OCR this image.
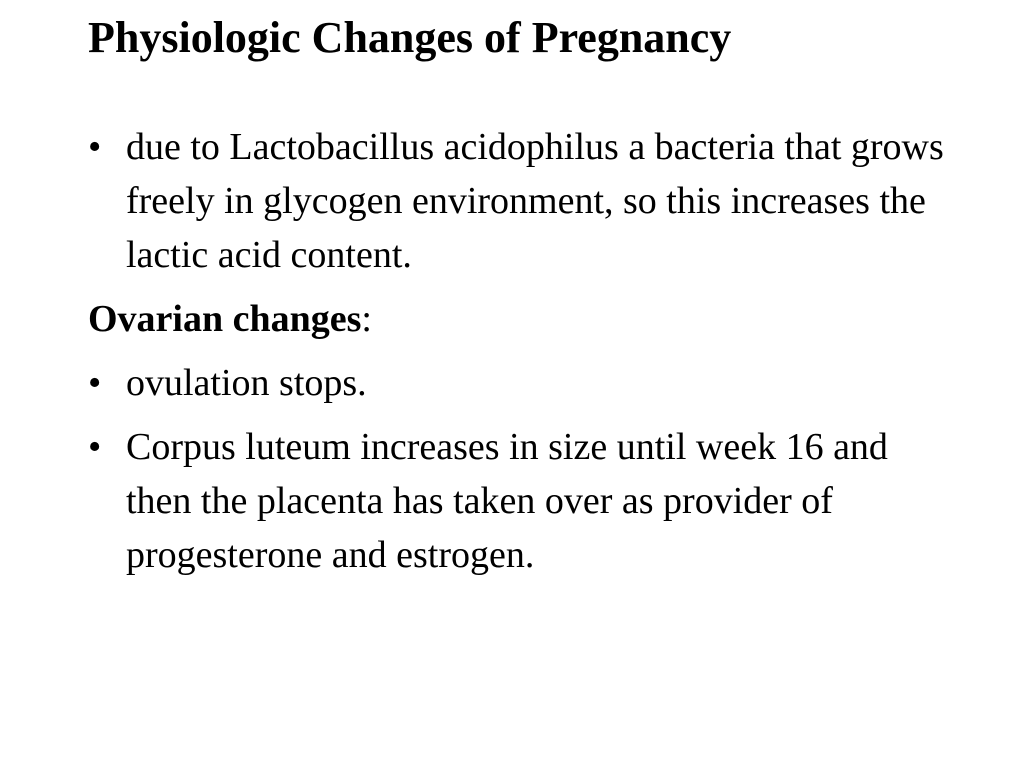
Physiologic Changes of Pregnancy
• due to Lactobacillus acidophilus a bacteria that grows freely in glycogen environment, so this increases the lactic acid content.
Ovarian changes:
• ovulation stops.
• Corpus luteum increases in size until week 16 and then the placenta has taken over as provider of progesterone and estrogen.
